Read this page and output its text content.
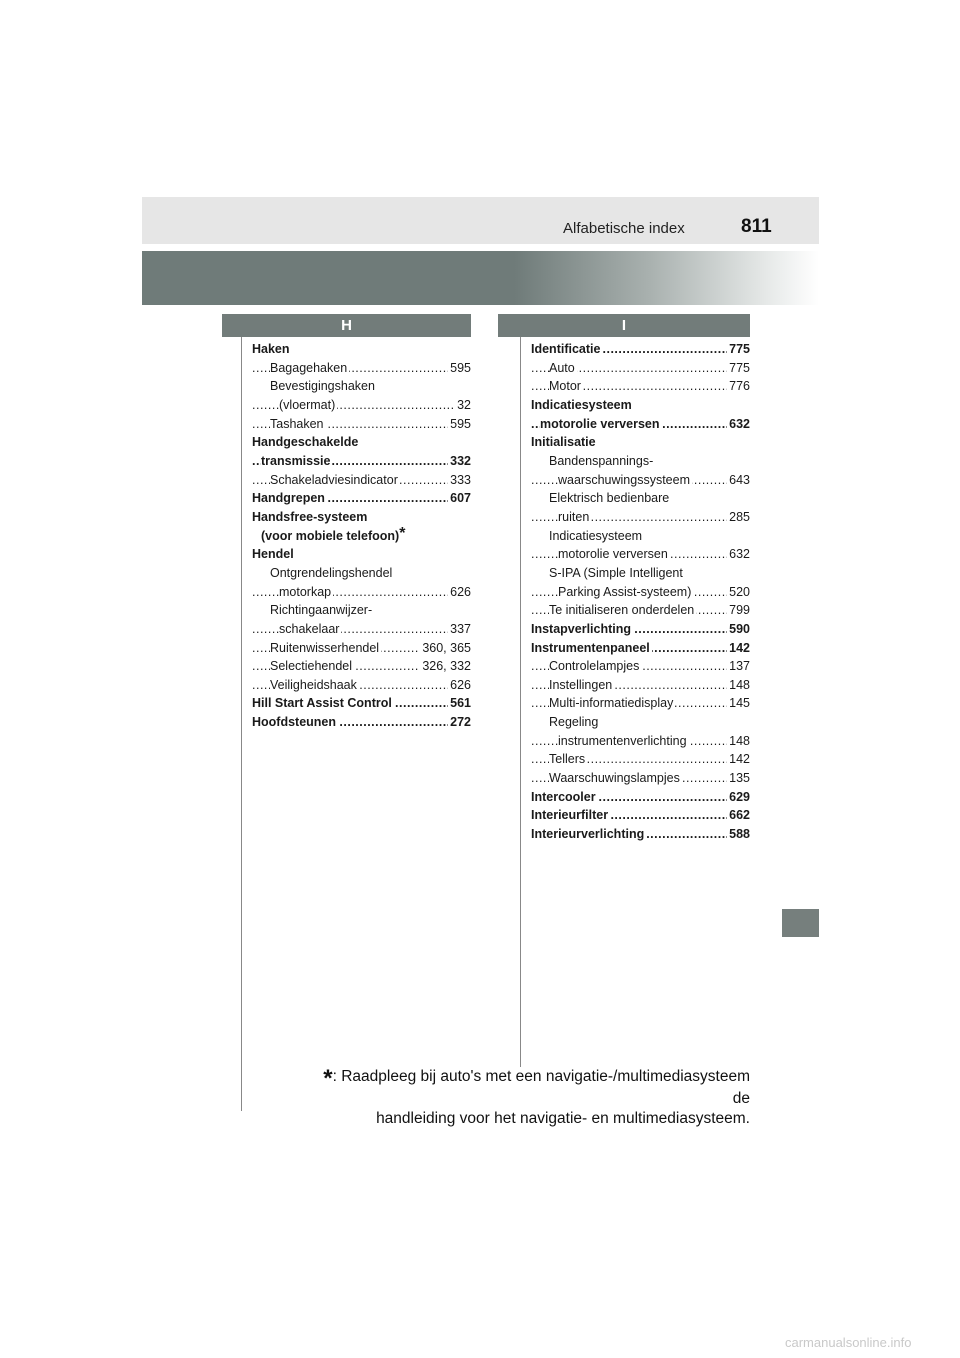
Alfabetische index	811
H	I
Haken
Bagagehaken	595
.....
Bevestigingshaken
(vloermat)	32
.....
Tashaken	595
.....
Handgeschakelde
transmissie	332
.....
Schakeladviesindicator	333
.....
Handgrepen	607
.....
Handsfree-systeem
(voor mobiele telefoon)*
Hendel
Ontgrendelingshendel
motorkap	626
.....
Richtingaanwijzer-
schakelaar	337
.....
Ruitenwisserhendel	360, 365
.....
Selectiehendel	326, 332
.....
Veiligheidshaak	626
.....
Hill Start Assist Control	561
.....
Hoofdsteunen	272
.....
Identificatie	775
.....
Auto	775
.....
Motor	776
.....
Indicatiesysteem
motorolie verversen	632
.....
Initialisatie
Bandenspannings-
waarschuwingssysteem	643
.....
Elektrisch bedienbare
ruiten	285
.....
Indicatiesysteem
motorolie verversen	632
.....
S-IPA (Simple Intelligent
Parking Assist-systeem)	520
.....
Te initialiseren onderdelen	799
.....
Instapverlichting	590
.....
Instrumentenpaneel	142
.....
Controlelampjes	137
.....
Instellingen	148
.....
Multi-informatiedisplay	145
.....
Regeling
instrumentenverlichting	148
.....
Tellers	142
.....
Waarschuwingslampjes	135
.....
Intercooler	629
.....
Interieurfilter	662
.....
Interieurverlichting	588
.....
*: Raadpleeg bij auto's met een navigatie-/multimediasysteem de
handleiding voor het navigatie- en multimediasysteem.
carmanualsonline.info
